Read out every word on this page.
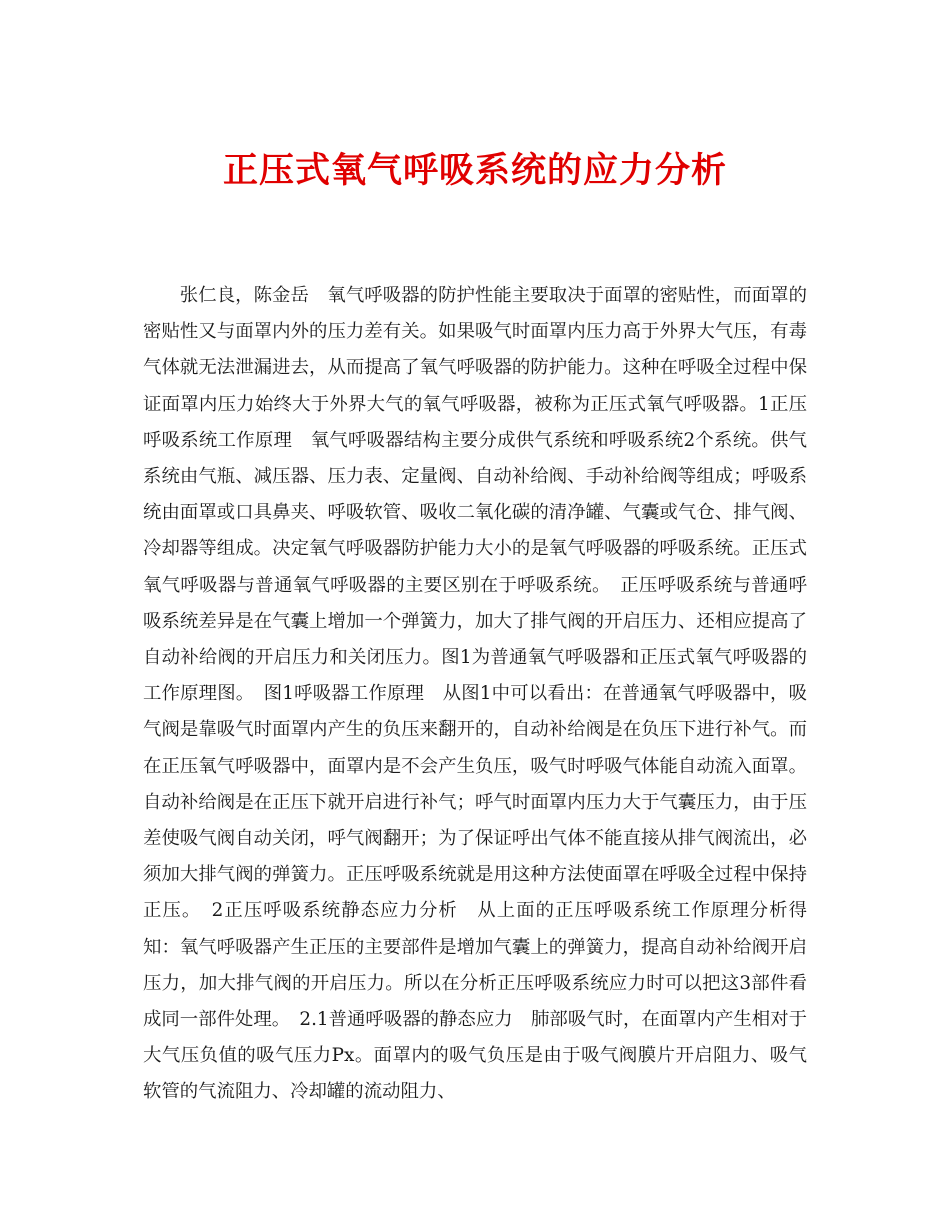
正压式氧气呼吸系统的应力分析

张仁良，陈金岳　氧气呼吸器的防护性能主要取决于面罩的密贴性，而面罩的密贴性又与面罩内外的压力差有关。如果吸气时面罩内压力高于外界大气压，有毒气体就无法泄漏进去，从而提高了氧气呼吸器的防护能力。这种在呼吸全过程中保证面罩内压力始终大于外界大气的氧气呼吸器，被称为正压式氧气呼吸器。1正压呼吸系统工作原理　氧气呼吸器结构主要分成供气系统和呼吸系统2个系统。供气系统由气瓶、减压器、压力表、定量阀、自动补给阀、手动补给阀等组成；呼吸系统由面罩或口具鼻夹、呼吸软管、吸收二氧化碳的清净罐、气囊或气仓、排气阀、冷却器等组成。决定氧气呼吸器防护能力大小的是氧气呼吸器的呼吸系统。正压式氧气呼吸器与普通氧气呼吸器的主要区别在于呼吸系统。　正压呼吸系统与普通呼吸系统差异是在气囊上增加一个弹簧力，加大了排气阀的开启压力、还相应提高了自动补给阀的开启压力和关闭压力。图1为普通氧气呼吸器和正压式氧气呼吸器的工作原理图。　图1呼吸器工作原理　从图1中可以看出：在普通氧气呼吸器中，吸气阀是靠吸气时面罩内产生的负压来翻开的，自动补给阀是在负压下进行补气。而在正压氧气呼吸器中，面罩内是不会产生负压，吸气时呼吸气体能自动流入面罩。自动补给阀是在正压下就开启进行补气；呼气时面罩内压力大于气囊压力，由于压差使吸气阀自动关闭，呼气阀翻开；为了保证呼出气体不能直接从排气阀流出，必须加大排气阀的弹簧力。正压呼吸系统就是用这种方法使面罩在呼吸全过程中保持正压。　2正压呼吸系统静态应力分析　从上面的正压呼吸系统工作原理分析得知：氧气呼吸器产生正压的主要部件是增加气囊上的弹簧力，提高自动补给阀开启压力，加大排气阀的开启压力。所以在分析正压呼吸系统应力时可以把这3部件看成同一部件处理。　2.1普通呼吸器的静态应力　肺部吸气时，在面罩内产生相对于大气压负值的吸气压力Px。面罩内的吸气负压是由于吸气阀膜片开启阻力、吸气软管的气流阻力、冷却罐的流动阻力、
